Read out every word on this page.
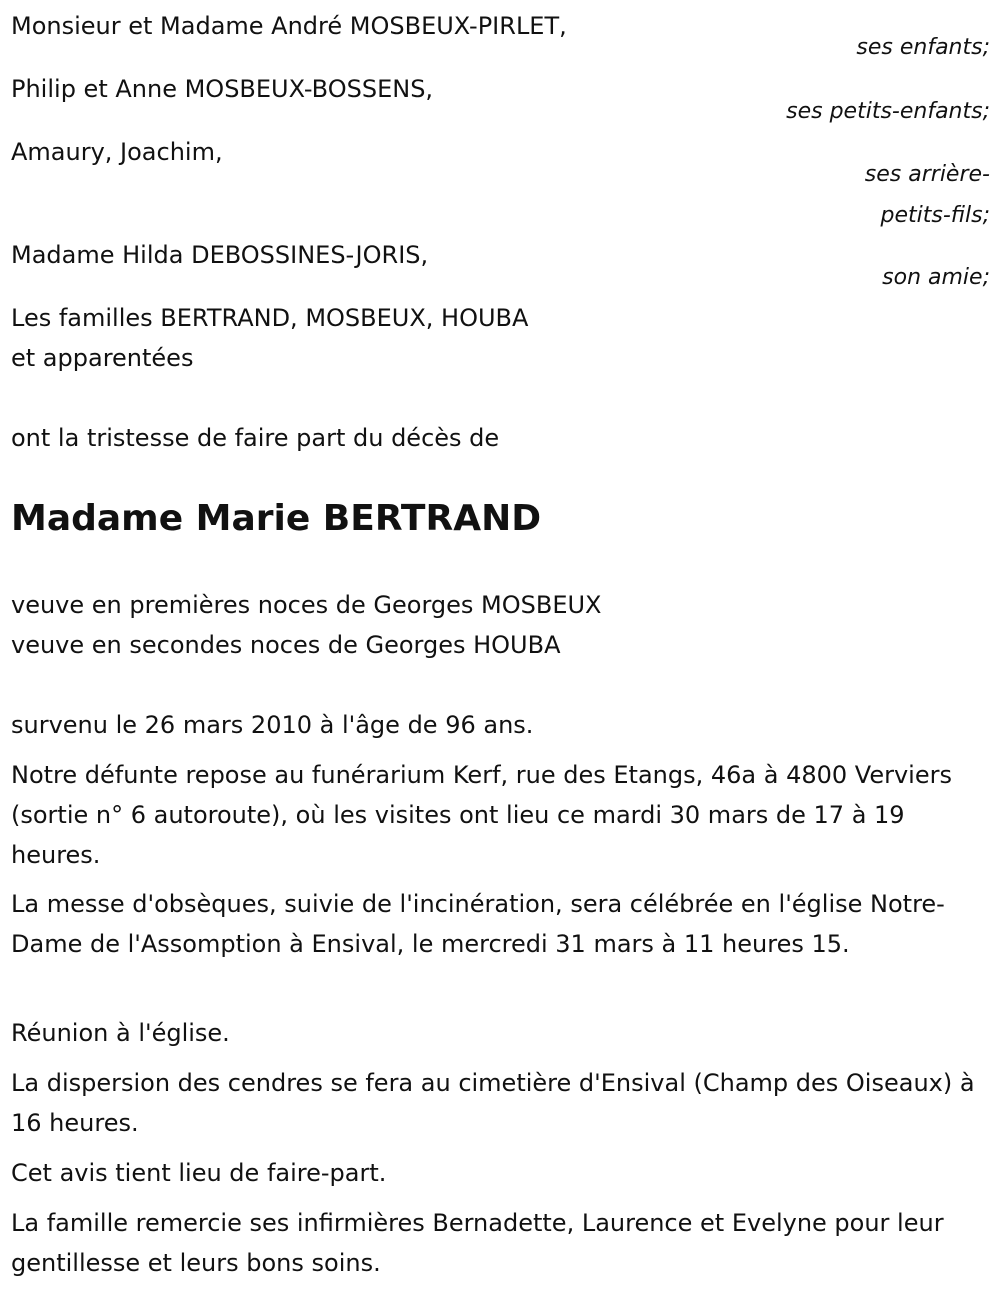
Monsieur et Madame André MOSBEUX-PIRLET,

ses enfants;

Philip et Anne MOSBEUX-BOSSENS,

ses petits-enfants;

Amaury, Joachim,

ses arrière-

petits-fils;

Madame Hilda DEBOSSINES-JORIS,

son amie;

Les familles BERTRAND, MOSBEUX, HOUBA

et apparentées

ont la tristesse de faire part du décès de

Madame Marie BERTRAND

veuve en premières noces de Georges MOSBEUX

veuve en secondes noces de Georges HOUBA

survenu le 26 mars 2010 à l'âge de 96 ans.

Notre défunte repose au funérarium Kerf, rue des Etangs, 46a à 4800 Verviers (sortie n° 6 autoroute), où les visites ont lieu ce mardi 30 mars de 17 à 19 heures.

La messe d'obsèques, suivie de l'incinération, sera célébrée en l'église Notre-Dame de l'Assomption à Ensival, le mercredi 31 mars à 11 heures 15.

Réunion à l'église.

La dispersion des cendres se fera au cimetière d'Ensival (Champ des Oiseaux) à 16 heures.

Cet avis tient lieu de faire-part.

La famille remercie ses infirmières Bernadette, Laurence et Evelyne pour leur gentillesse et leurs bons soins.
